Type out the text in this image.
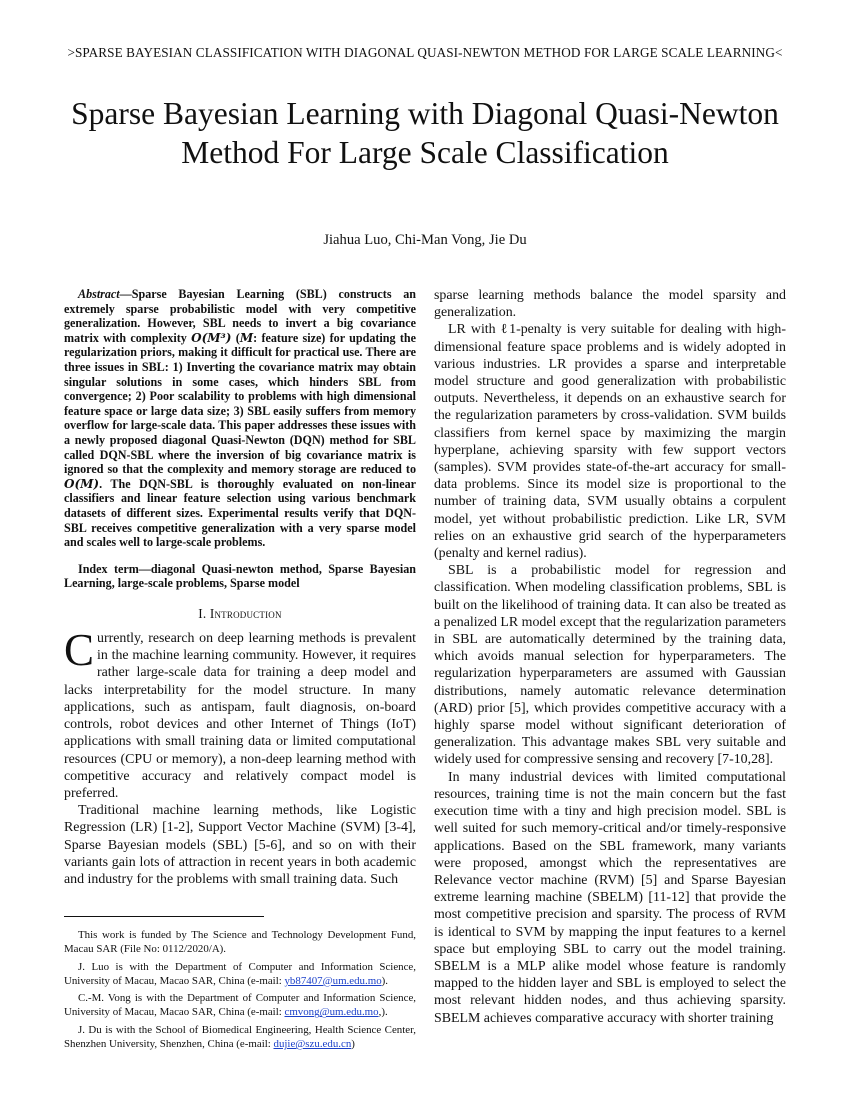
>SPARSE BAYESIAN CLASSIFICATION WITH DIAGONAL QUASI-NEWTON METHOD FOR LARGE SCALE LEARNING<
Sparse Bayesian Learning with Diagonal Quasi-Newton Method For Large Scale Classification
Jiahua Luo, Chi-Man Vong, Jie Du

Abstract—Sparse Bayesian Learning (SBL) constructs an extremely sparse probabilistic model with very competitive generalization. However, SBL needs to invert a big covariance matrix with complexity O(M³) (M: feature size) for updating the regularization priors, making it difficult for practical use. There are three issues in SBL: 1) Inverting the covariance matrix may obtain singular solutions in some cases, which hinders SBL from convergence; 2) Poor scalability to problems with high dimensional feature space or large data size; 3) SBL easily suffers from memory overflow for large-scale data. This paper addresses these issues with a newly proposed diagonal Quasi-Newton (DQN) method for SBL called DQN-SBL where the inversion of big covariance matrix is ignored so that the complexity and memory storage are reduced to O(M). The DQN-SBL is thoroughly evaluated on non-linear classifiers and linear feature selection using various benchmark datasets of different sizes. Experimental results verify that DQN-SBL receives competitive generalization with a very sparse model and scales well to large-scale problems.

Index term—diagonal Quasi-newton method, Sparse Bayesian Learning, large-scale problems, Sparse model

I. Introduction

Currently, research on deep learning methods is prevalent in the machine learning community. However, it requires rather large-scale data for training a deep model and lacks interpretability for the model structure. In many applications, such as antispam, fault diagnosis, on-board controls, robot devices and other Internet of Things (IoT) applications with small training data or limited computational resources (CPU or memory), a non-deep learning method with competitive accuracy and relatively compact model is preferred.

Traditional machine learning methods, like Logistic Regression (LR) [1-2], Support Vector Machine (SVM) [3-4], Sparse Bayesian models (SBL) [5-6], and so on with their variants gain lots of attraction in recent years in both academic and industry for the problems with small training data. Such

This work is funded by The Science and Technology Development Fund, Macau SAR (File No: 0112/2020/A).

J. Luo is with the Department of Computer and Information Science, University of Macau, Macao SAR, China (e-mail: yb87407@um.edu.mo).

C.-M. Vong is with the Department of Computer and Information Science, University of Macau, Macao SAR, China (e-mail: cmvong@um.edu.mo,).

J. Du is with the School of Biomedical Engineering, Health Science Center, Shenzhen University, Shenzhen, China (e-mail: dujie@szu.edu.cn)

sparse learning methods balance the model sparsity and generalization.

LR with ℓ1-penalty is very suitable for dealing with high-dimensional feature space problems and is widely adopted in various industries. LR provides a sparse and interpretable model structure and good generalization with probabilistic outputs. Nevertheless, it depends on an exhaustive search for the regularization parameters by cross-validation. SVM builds classifiers from kernel space by maximizing the margin hyperplane, achieving sparsity with few support vectors (samples). SVM provides state-of-the-art accuracy for small-data problems. Since its model size is proportional to the number of training data, SVM usually obtains a corpulent model, yet without probabilistic prediction. Like LR, SVM relies on an exhaustive grid search of the hyperparameters (penalty and kernel radius).

SBL is a probabilistic model for regression and classification. When modeling classification problems, SBL is built on the likelihood of training data. It can also be treated as a penalized LR model except that the regularization parameters in SBL are automatically determined by the training data, which avoids manual selection for hyperparameters. The regularization hyperparameters are assumed with Gaussian distributions, namely automatic relevance determination (ARD) prior [5], which provides competitive accuracy with a highly sparse model without significant deterioration of generalization. This advantage makes SBL very suitable and widely used for compressive sensing and recovery [7-10,28].

In many industrial devices with limited computational resources, training time is not the main concern but the fast execution time with a tiny and high precision model. SBL is well suited for such memory-critical and/or timely-responsive applications. Based on the SBL framework, many variants were proposed, amongst which the representatives are Relevance vector machine (RVM) [5] and Sparse Bayesian extreme learning machine (SBELM) [11-12] that provide the most competitive precision and sparsity. The process of RVM is identical to SVM by mapping the input features to a kernel space but employing SBL to carry out the model training. SBELM is a MLP alike model whose feature is randomly mapped to the hidden layer and SBL is employed to select the most relevant hidden nodes, and thus achieving sparsity. SBELM achieves comparative accuracy with shorter training
